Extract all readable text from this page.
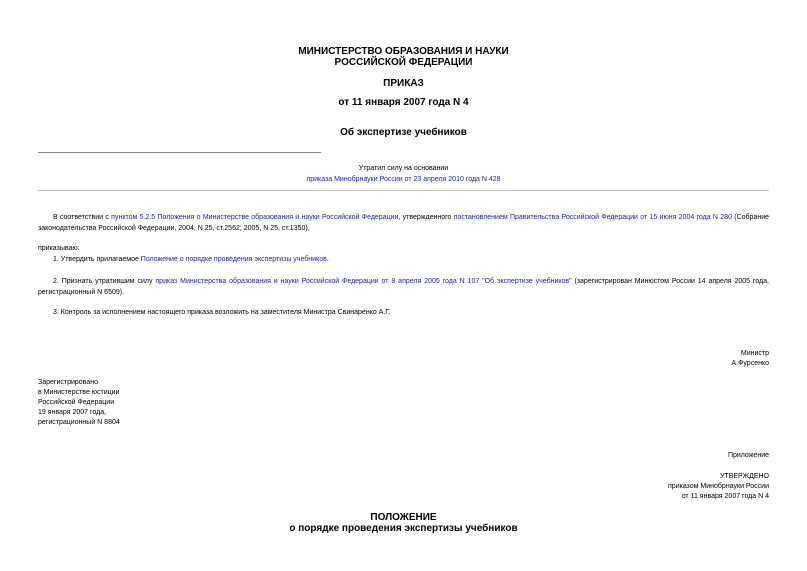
МИНИСТЕРСТВО ОБРАЗОВАНИЯ И НАУКИ
РОССИЙСКОЙ ФЕДЕРАЦИИ
ПРИКАЗ
от 11 января 2007 года N 4
Об экспертизе учебников
Утратил силу на основании
приказа Минобрнауки России от 23 апреля 2010 года N 428
В соответствии с пунктом 5.2.5 Положения о Министерстве образования и науки Российской Федерации, утвержденного постановлением Правительства Российской Федерации от 15 июня 2004 года N 280 (Собрание законодательства Российской Федерации, 2004, N 25, ст.2562; 2005, N 25, ст.1350),
приказываю:
1. Утвердить прилагаемое Положение о порядке проведения экспертизы учебников.
2. Признать утратившим силу приказ Министерства образования и науки Российской Федерации от 8 апреля 2005 года N 107 "Об экспертизе учебников" (зарегистрирован Минюстом России 14 апреля 2005 года, регистрационный N 6509).
3. Контроль за исполнением настоящего приказа возложить на заместителя Министра Свинаренко А.Г.
Министр
А.Фурсенко
Зарегистрировано
в Министерстве юстиции
Российской Федерации
19 января 2007 года,
регистрационный N 8804
Приложение
УТВЕРЖДЕНО
приказом Минобрнауки России
от 11 января 2007 года N 4
ПОЛОЖЕНИЕ
о порядке проведения экспертизы учебников
